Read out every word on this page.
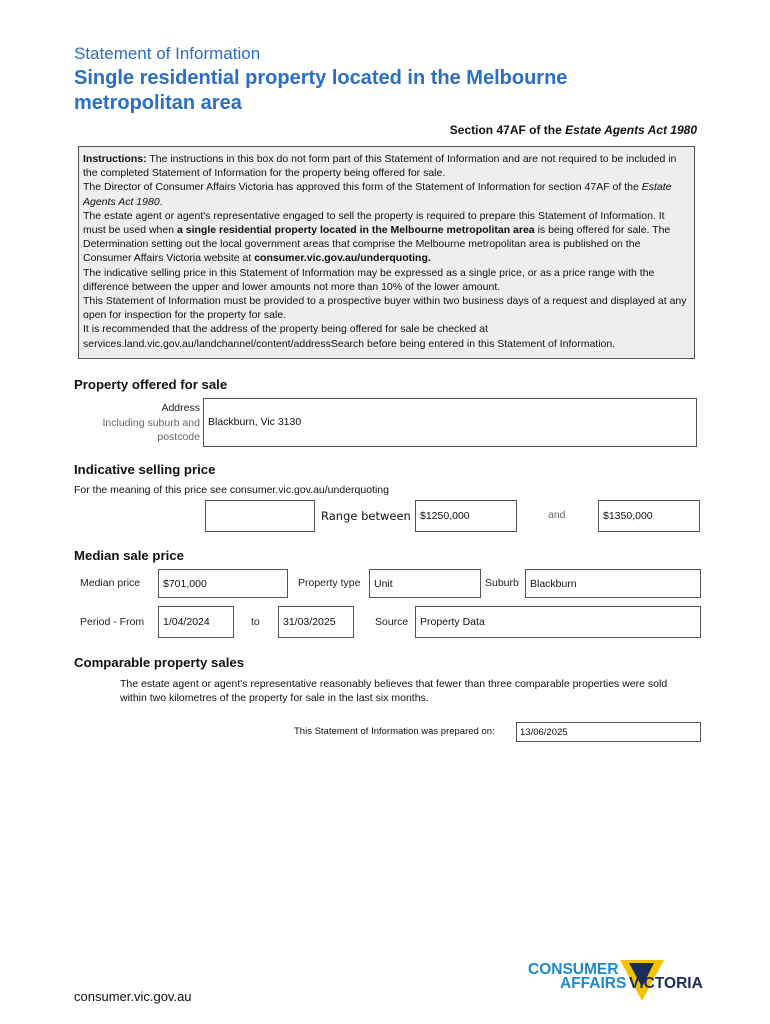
Statement of Information
Single residential property located in the Melbourne metropolitan area
Section 47AF of the Estate Agents Act 1980

Instructions: The instructions in this box do not form part of this Statement of Information and are not required to be included in the completed Statement of Information for the property being offered for sale.

The Director of Consumer Affairs Victoria has approved this form of the Statement of Information for section 47AF of the Estate Agents Act 1980.

The estate agent or agent's representative engaged to sell the property is required to prepare this Statement of Information. It must be used when a single residential property located in the Melbourne metropolitan area is being offered for sale. The Determination setting out the local government areas that comprise the Melbourne metropolitan area is published on the Consumer Affairs Victoria website at consumer.vic.gov.au/underquoting.

The indicative selling price in this Statement of Information may be expressed as a single price, or as a price range with the difference between the upper and lower amounts not more than 10% of the lower amount.

This Statement of Information must be provided to a prospective buyer within two business days of a request and displayed at any open for inspection for the property for sale.

It is recommended that the address of the property being offered for sale be checked at services.land.vic.gov.au/landchannel/content/addressSearch before being entered in this Statement of Information.

Property offered for sale
Address
Including suburb and
postcode
Blackburn, Vic 3130
Indicative selling price
For the meaning of this price see consumer.vic.gov.au/underquoting
Range between $1250,000	and	$1350,000
Median sale price
Median price	$701,000	Property type	Unit	Suburb	Blackburn
Period - From	1/04/2024	to	31/03/2025	Source	Property Data
Comparable property sales
The estate agent or agent's representative reasonably believes that fewer than three comparable properties were sold within two kilometres of the property for sale in the last six months.
This Statement of Information was prepared on:	13/06/2025
CONSUMER
AFFAIRS VICTORIA
consumer.vic.gov.au
